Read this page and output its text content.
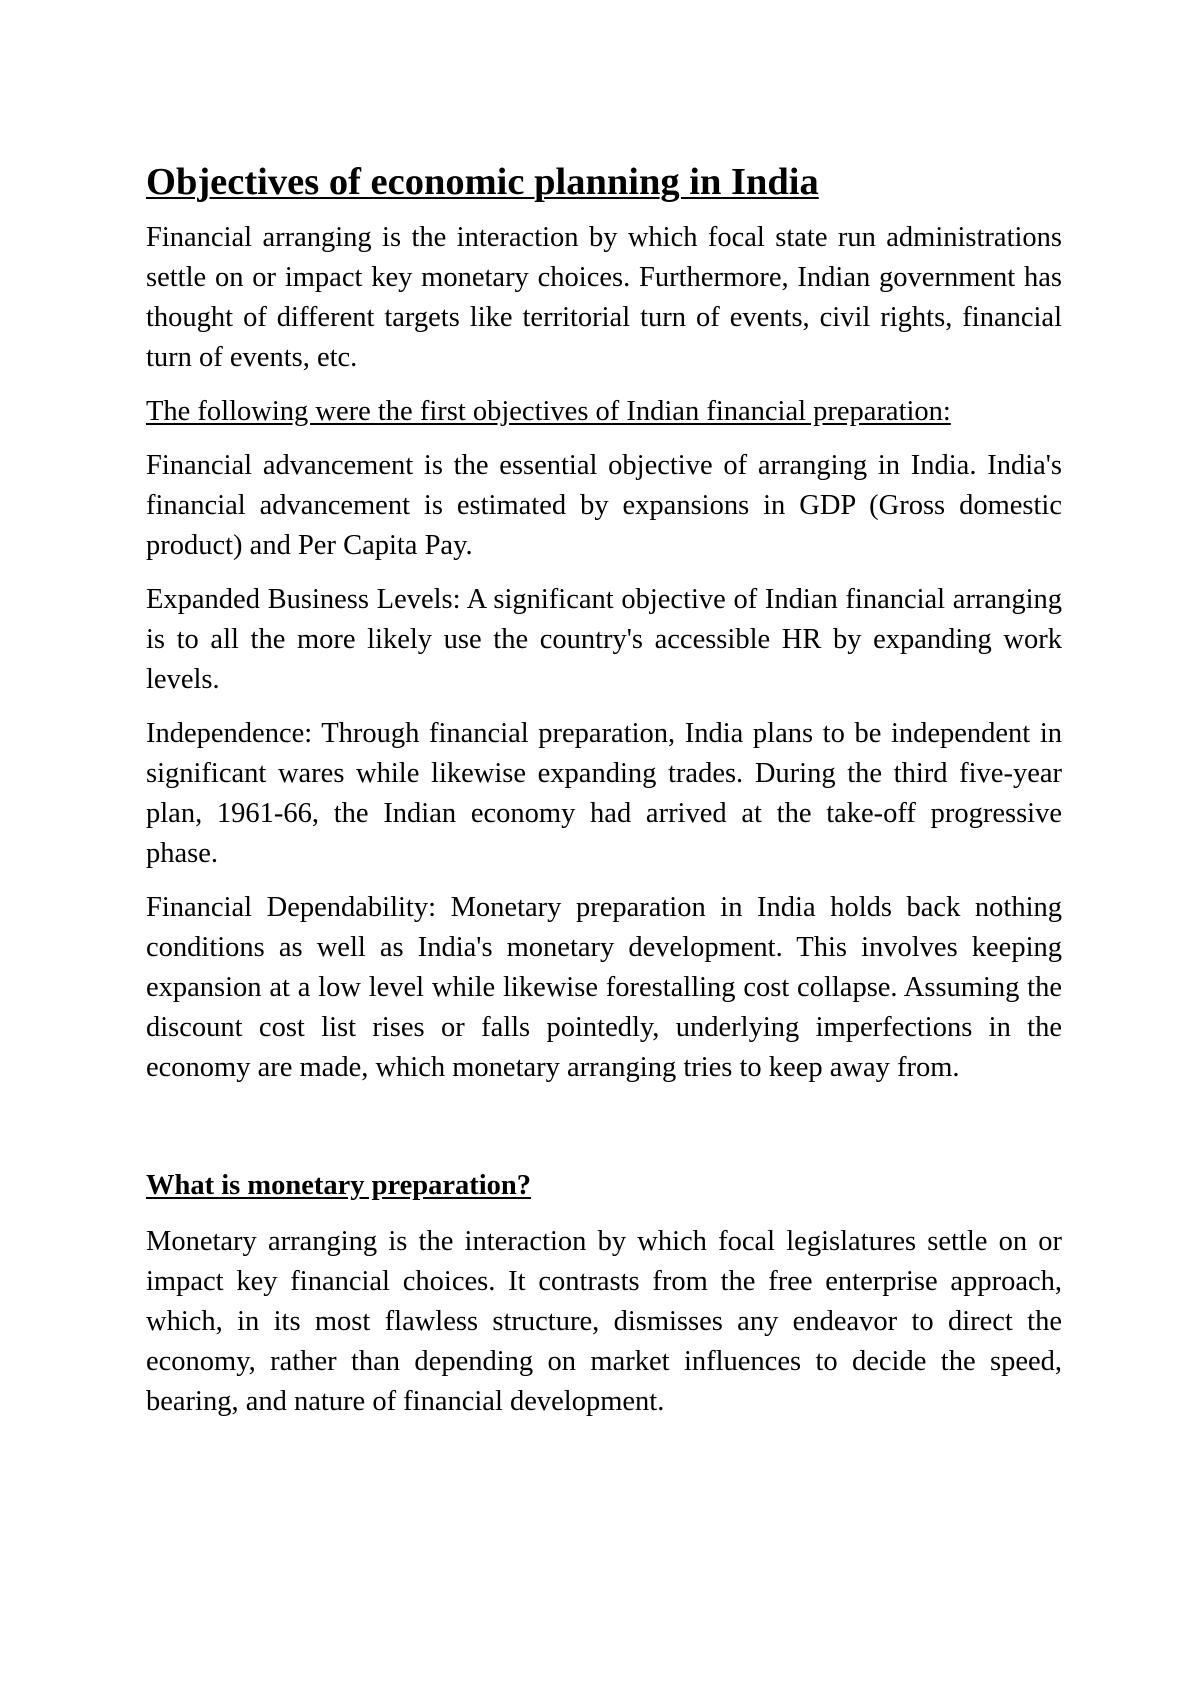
Objectives of economic planning in India

Financial arranging is the interaction by which focal state run administrations settle on or impact key monetary choices. Furthermore, Indian government has thought of different targets like territorial turn of events, civil rights, financial turn of events, etc.

The following were the first objectives of Indian financial preparation:

Financial advancement is the essential objective of arranging in India. India's financial advancement is estimated by expansions in GDP (Gross domestic product) and Per Capita Pay.

Expanded Business Levels: A significant objective of Indian financial arranging is to all the more likely use the country's accessible HR by expanding work levels.

Independence: Through financial preparation, India plans to be independent in significant wares while likewise expanding trades. During the third five-year plan, 1961-66, the Indian economy had arrived at the take-off progressive phase.

Financial Dependability: Monetary preparation in India holds back nothing conditions as well as India's monetary development. This involves keeping expansion at a low level while likewise forestalling cost collapse. Assuming the discount cost list rises or falls pointedly, underlying imperfections in the economy are made, which monetary arranging tries to keep away from.

What is monetary preparation?

Monetary arranging is the interaction by which focal legislatures settle on or impact key financial choices. It contrasts from the free enterprise approach, which, in its most flawless structure, dismisses any endeavor to direct the economy, rather than depending on market influences to decide the speed, bearing, and nature of financial development.
